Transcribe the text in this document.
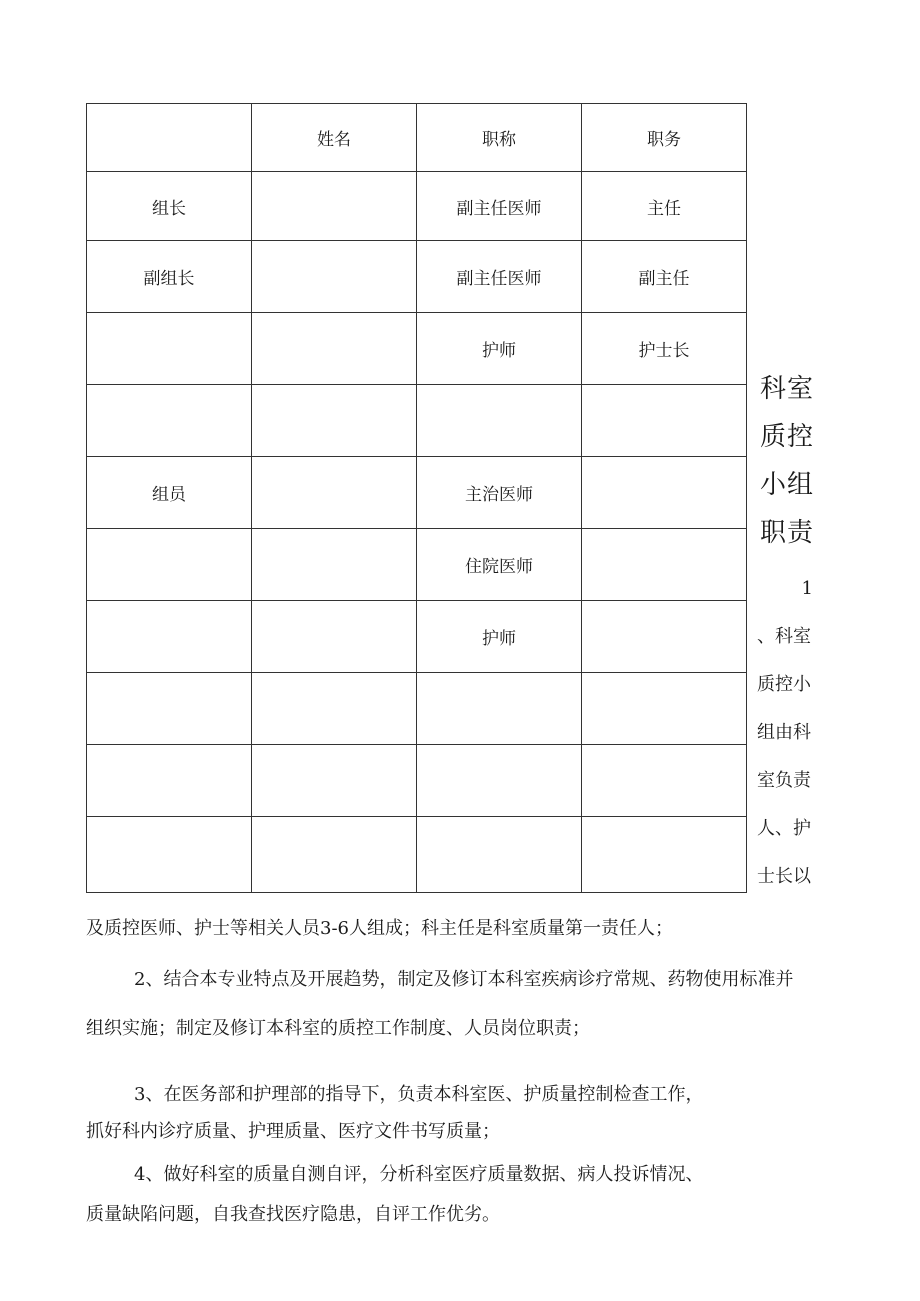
	姓名	职称	职务
组长		副主任医师	主任
副组长		副主任医师	副主任
		护师	护士长

组员		主治医师	
		住院医师	
		护师	

科室
质控
小组
职责
1
、科室
质控小
组由科
室负责
人、护
士长以

及质控医师、护士等相关人员3-6人组成；科主任是科室质量第一责任人；

2、结合本专业特点及开展趋势，制定及修订本科室疾病诊疗常规、药物使用标准并

组织实施；制定及修订本科室的质控工作制度、人员岗位职责；

3、在医务部和护理部的指导下，负责本科室医、护质量控制检查工作，

抓好科内诊疗质量、护理质量、医疗文件书写质量；

4、做好科室的质量自测自评，分析科室医疗质量数据、病人投诉情况、

质量缺陷问题，自我查找医疗隐患，自评工作优劣。
